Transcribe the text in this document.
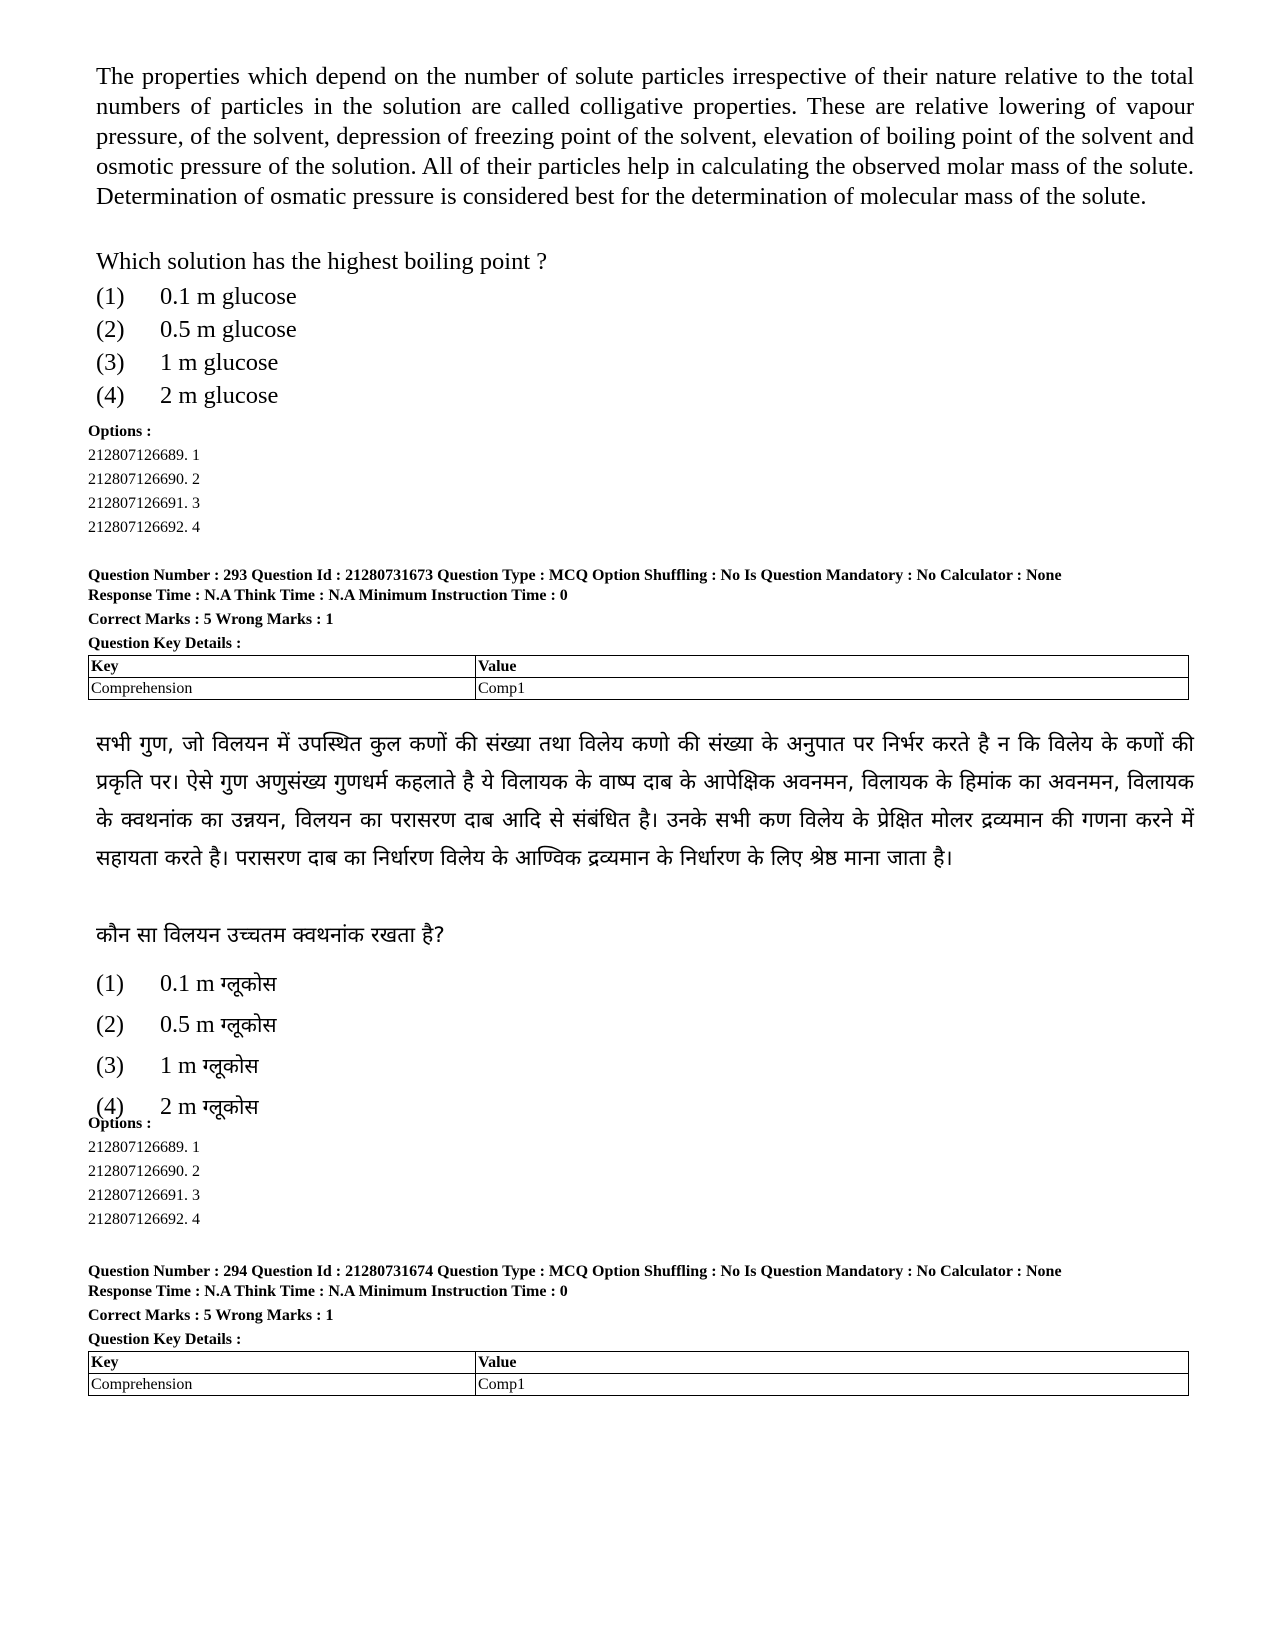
The properties which depend on the number of solute particles irrespective of their nature relative to the total numbers of particles in the solution are called colligative properties. These are relative lowering of vapour pressure, of the solvent, depression of freezing point of the solvent, elevation of boiling point of the solvent and osmotic pressure of the solution. All of their particles help in calculating the observed molar mass of the solute. Determination of osmatic pressure is considered best for the determination of molecular mass of the solute.

Which solution has the highest boiling point ?

(1)	0.1 m glucose
(2)	0.5 m glucose
(3)	1 m glucose
(4)	2 m glucose

Options :

212807126689. 1

212807126690. 2

212807126691. 3

212807126692. 4

Question Number : 293 Question Id : 21280731673 Question Type : MCQ Option Shuffling : No Is Question Mandatory : No Calculator : None

Response Time : N.A Think Time : N.A Minimum Instruction Time : 0

Correct Marks : 5 Wrong Marks : 1

Question Key Details :

Key	Value
Comprehension	Comp1

सभी गुण, जो विलयन में उपस्थित कुल कणों की संख्या तथा विलेय कणो की संख्या के अनुपात पर निर्भर करते है न कि विलेय के कणों की प्रकृति पर। ऐसे गुण अणुसंख्य गुणधर्म कहलाते है ये विलायक के वाष्प दाब के आपेक्षिक अवनमन, विलायक के हिमांक का अवनमन, विलायक के क्वथनांक का उन्नयन, विलयन का परासरण दाब आदि से संबंधित है। उनके सभी कण विलेय के प्रेक्षित मोलर द्रव्यमान की गणना करने में सहायता करते है। परासरण दाब का निर्धारण विलेय के आण्विक द्रव्यमान के निर्धारण के लिए श्रेष्ठ माना जाता है।

कौन सा विलयन उच्चतम क्वथनांक रखता है?

(1)	0.1 m
ग्लूकोस
(2)	0.5 m
ग्लूकोस
(3)	1 m
ग्लूकोस
(4)	2 m
ग्लूकोस

Options :

212807126689. 1

212807126690. 2

212807126691. 3

212807126692. 4

Question Number : 294 Question Id : 21280731674 Question Type : MCQ Option Shuffling : No Is Question Mandatory : No Calculator : None

Response Time : N.A Think Time : N.A Minimum Instruction Time : 0

Correct Marks : 5 Wrong Marks : 1

Question Key Details :

Key	Value
Comprehension	Comp1
